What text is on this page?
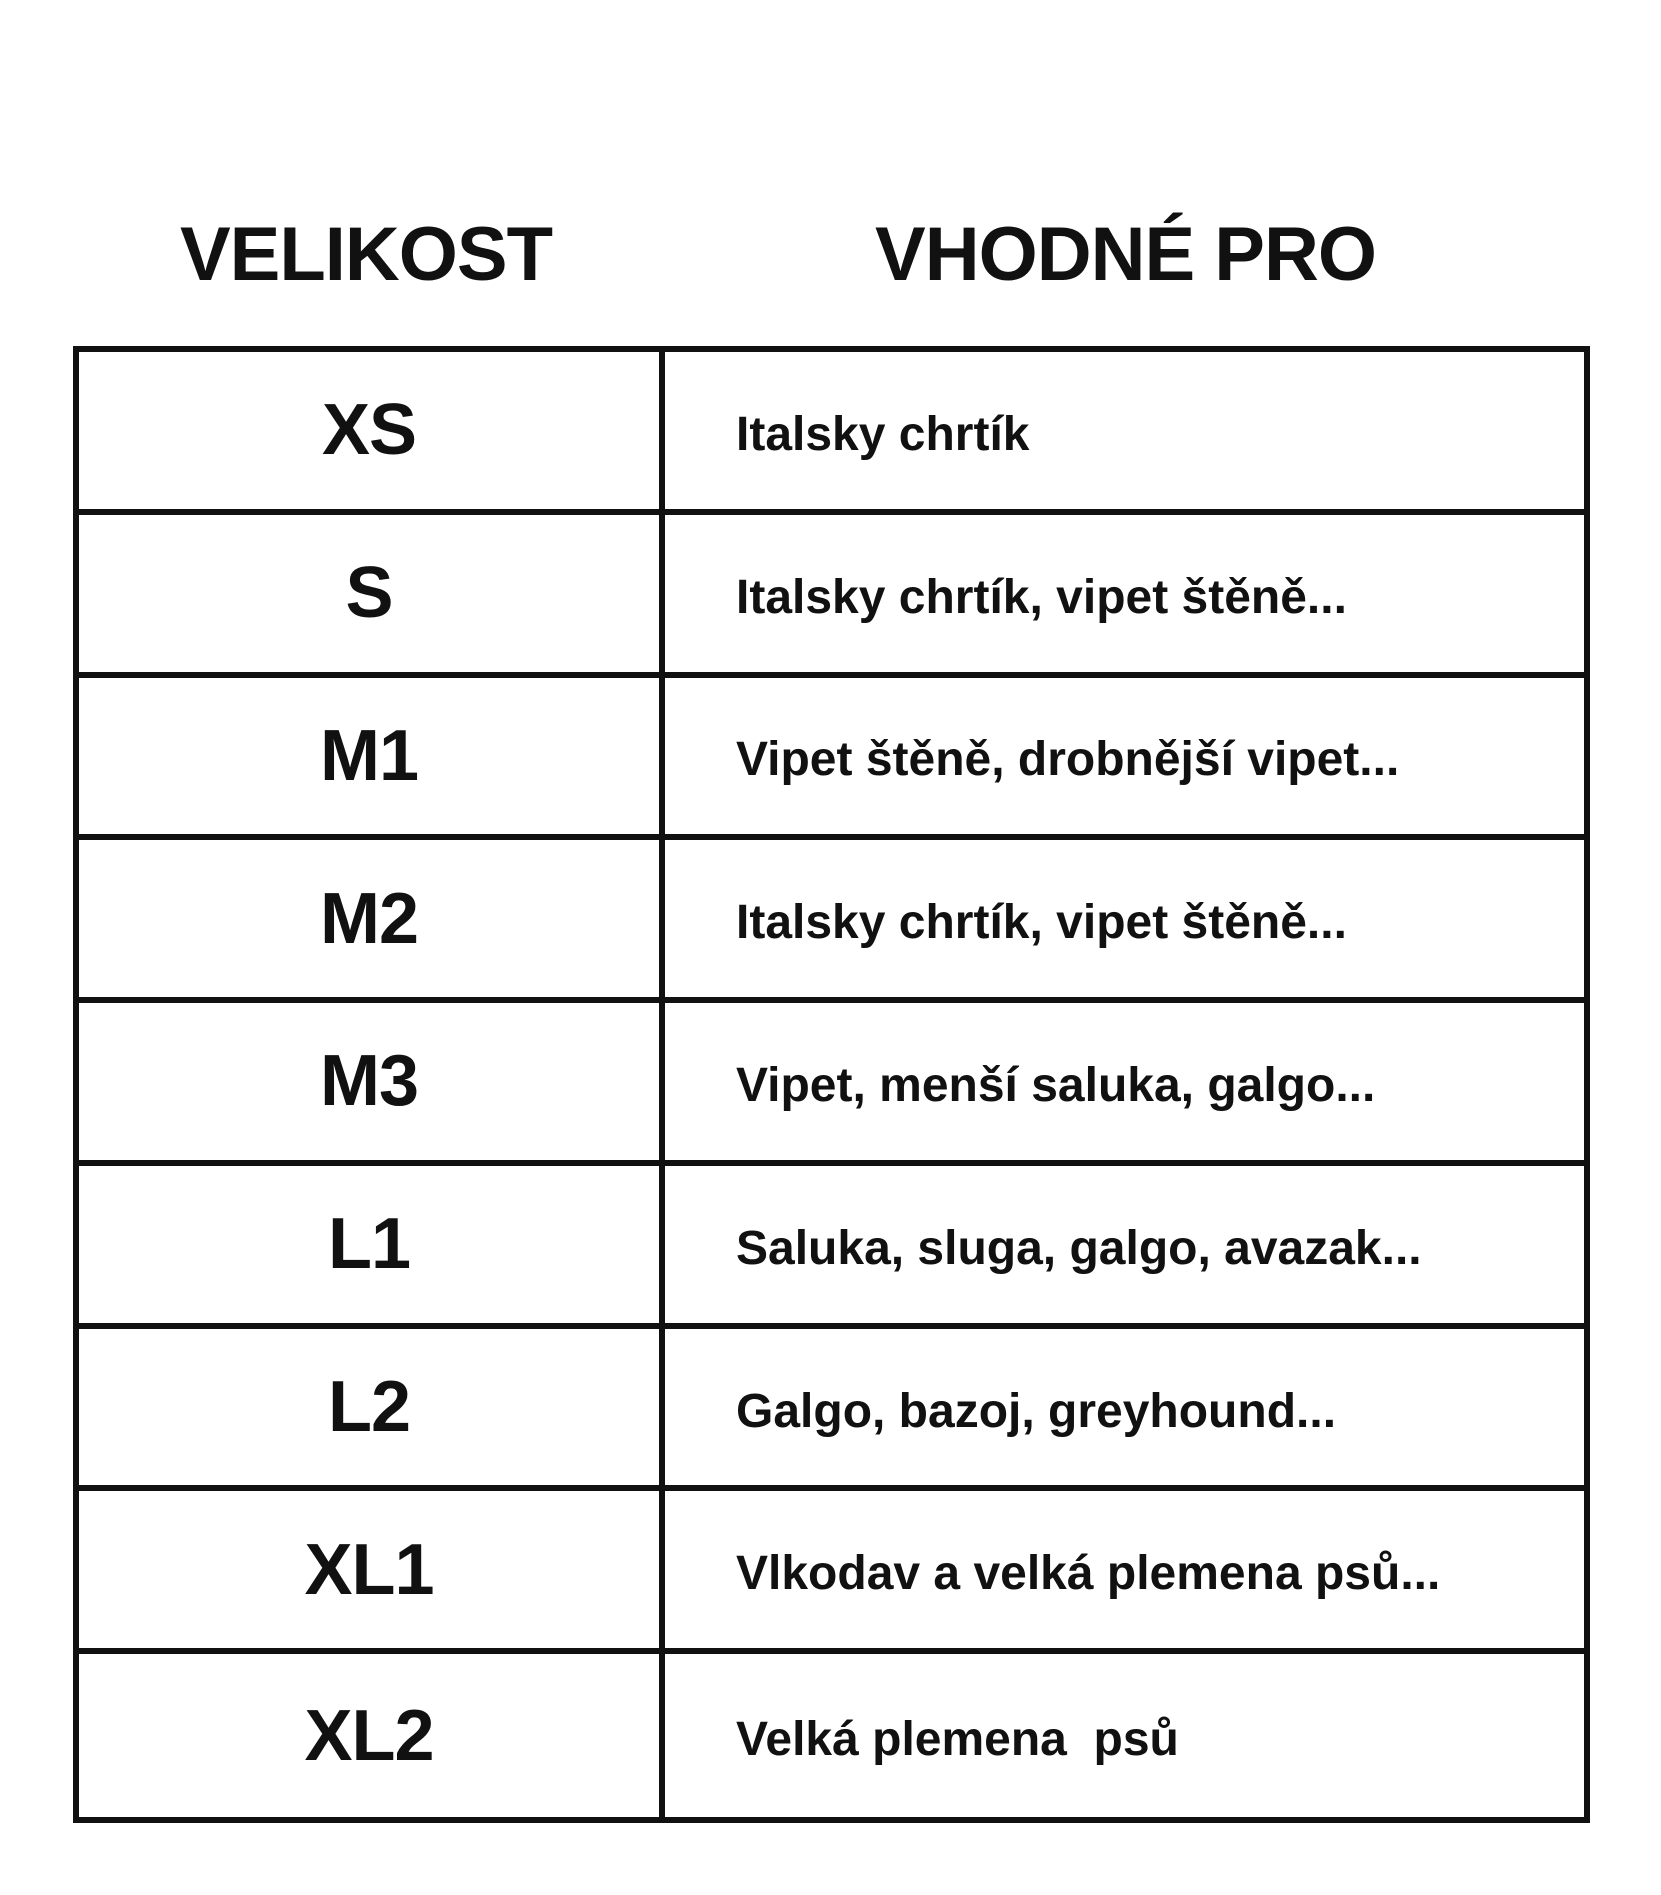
VELIKOST	VHODNÉ PRO
XS	Italsky chrtík
S	Italsky chrtík, vipet štěně...
M1	Vipet štěně, drobnější vipet...
M2	Italsky chrtík, vipet štěně...
M3	Vipet, menší saluka, galgo...
L1	Saluka, sluga, galgo, avazak...
L2	Galgo, bazoj, greyhound...
XL1	Vlkodav a velká plemena psů...
XL2	Velká plemena  psů
